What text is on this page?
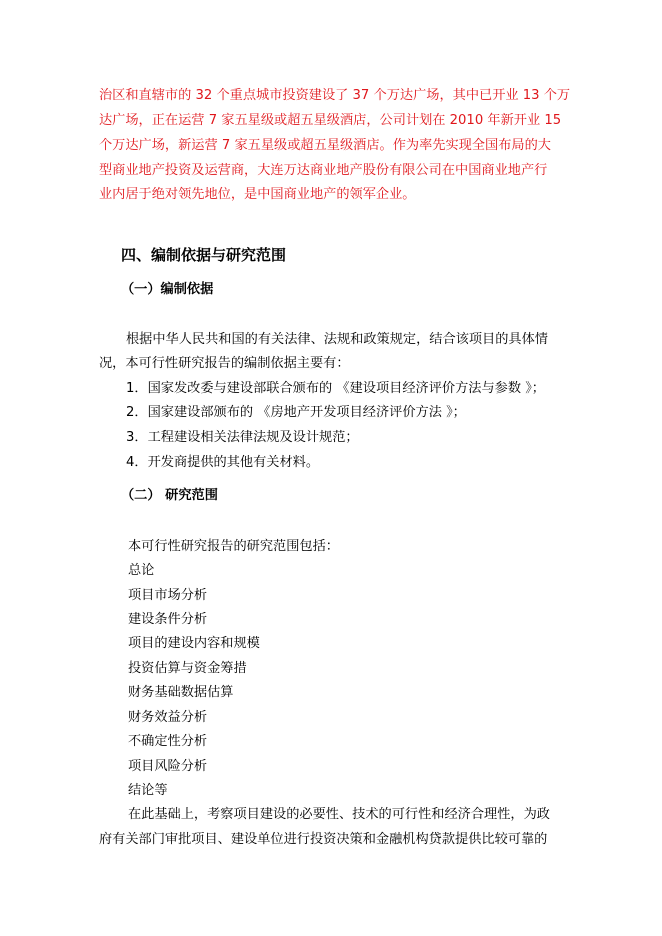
治区和直辖市的 32 个重点城市投资建设了 37 个万达广场，其中已开业 13 个万
达广场，正在运营 7 家五星级或超五星级酒店，公司计划在 2010 年新开业 15
个万达广场，新运营 7 家五星级或超五星级酒店。作为率先实现全国布局的大
型商业地产投资及运营商，大连万达商业地产股份有限公司在中国商业地产行
业内居于绝对领先地位，是中国商业地产的领军企业。
四、编制依据与研究范围
（一）编制依据
根据中华人民共和国的有关法律、法规和政策规定，结合该项目的具体情
况，本可行性研究报告的编制依据主要有：
1．国家发改委与建设部联合颁布的 《建设项目经济评价方法与参数 》；
2．国家建设部颁布的 《房地产开发项目经济评价方法 》；
3．工程建设相关法律法规及设计规范；
4．开发商提供的其他有关材料。
（二） 研究范围
本可行性研究报告的研究范围包括：
总论
项目市场分析
建设条件分析
项目的建设内容和规模
投资估算与资金筹措
财务基础数据估算
财务效益分析
不确定性分析
项目风险分析
结论等
在此基础上，考察项目建设的必要性、技术的可行性和经济合理性，为政
府有关部门审批项目、建设单位进行投资决策和金融机构贷款提供比较可靠的
